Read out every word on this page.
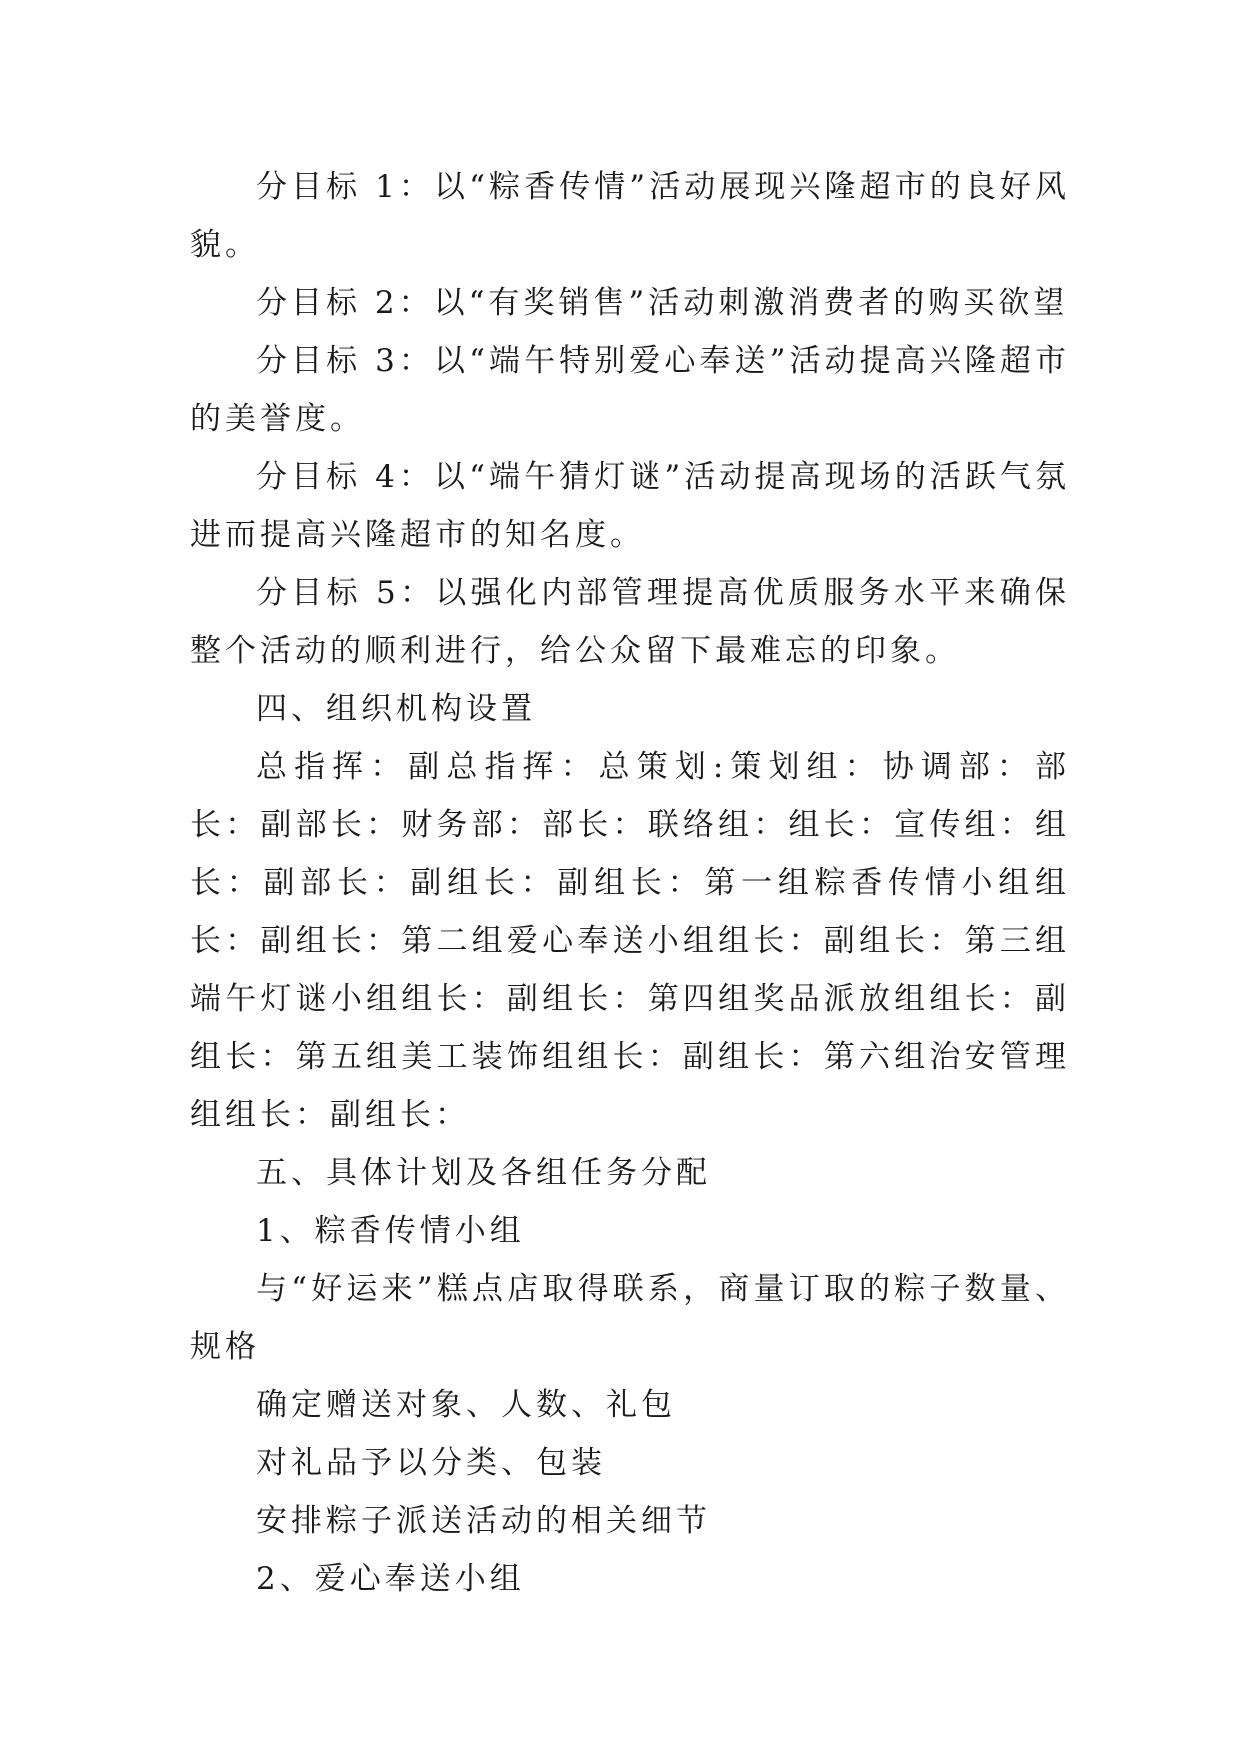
分目标 1：以“粽香传情”活动展现兴隆超市的良好风貌。

分目标 2：以“有奖销售”活动刺激消费者的购买欲望

分目标 3：以“端午特别爱心奉送”活动提高兴隆超市的美誉度。

分目标 4：以“端午猜灯谜”活动提高现场的活跃气氛进而提高兴隆超市的知名度。

分目标 5：以强化内部管理提高优质服务水平来确保整个活动的顺利进行，给公众留下最难忘的印象。

四、组织机构设置

总指挥：副总指挥：总策划:策划组：协调部：部长：副部长：财务部：部长：联络组：组长：宣传组：组长：副部长：副组长：副组长：第一组粽香传情小组组长：副组长：第二组爱心奉送小组组长：副组长：第三组端午灯谜小组组长：副组长：第四组奖品派放组组长：副组长：第五组美工装饰组组长：副组长：第六组治安管理组组长：副组长：

五、具体计划及各组任务分配

1、粽香传情小组

与“好运来”糕点店取得联系，商量订取的粽子数量、规格

确定赠送对象、人数、礼包

对礼品予以分类、包装

安排粽子派送活动的相关细节

2、爱心奉送小组
